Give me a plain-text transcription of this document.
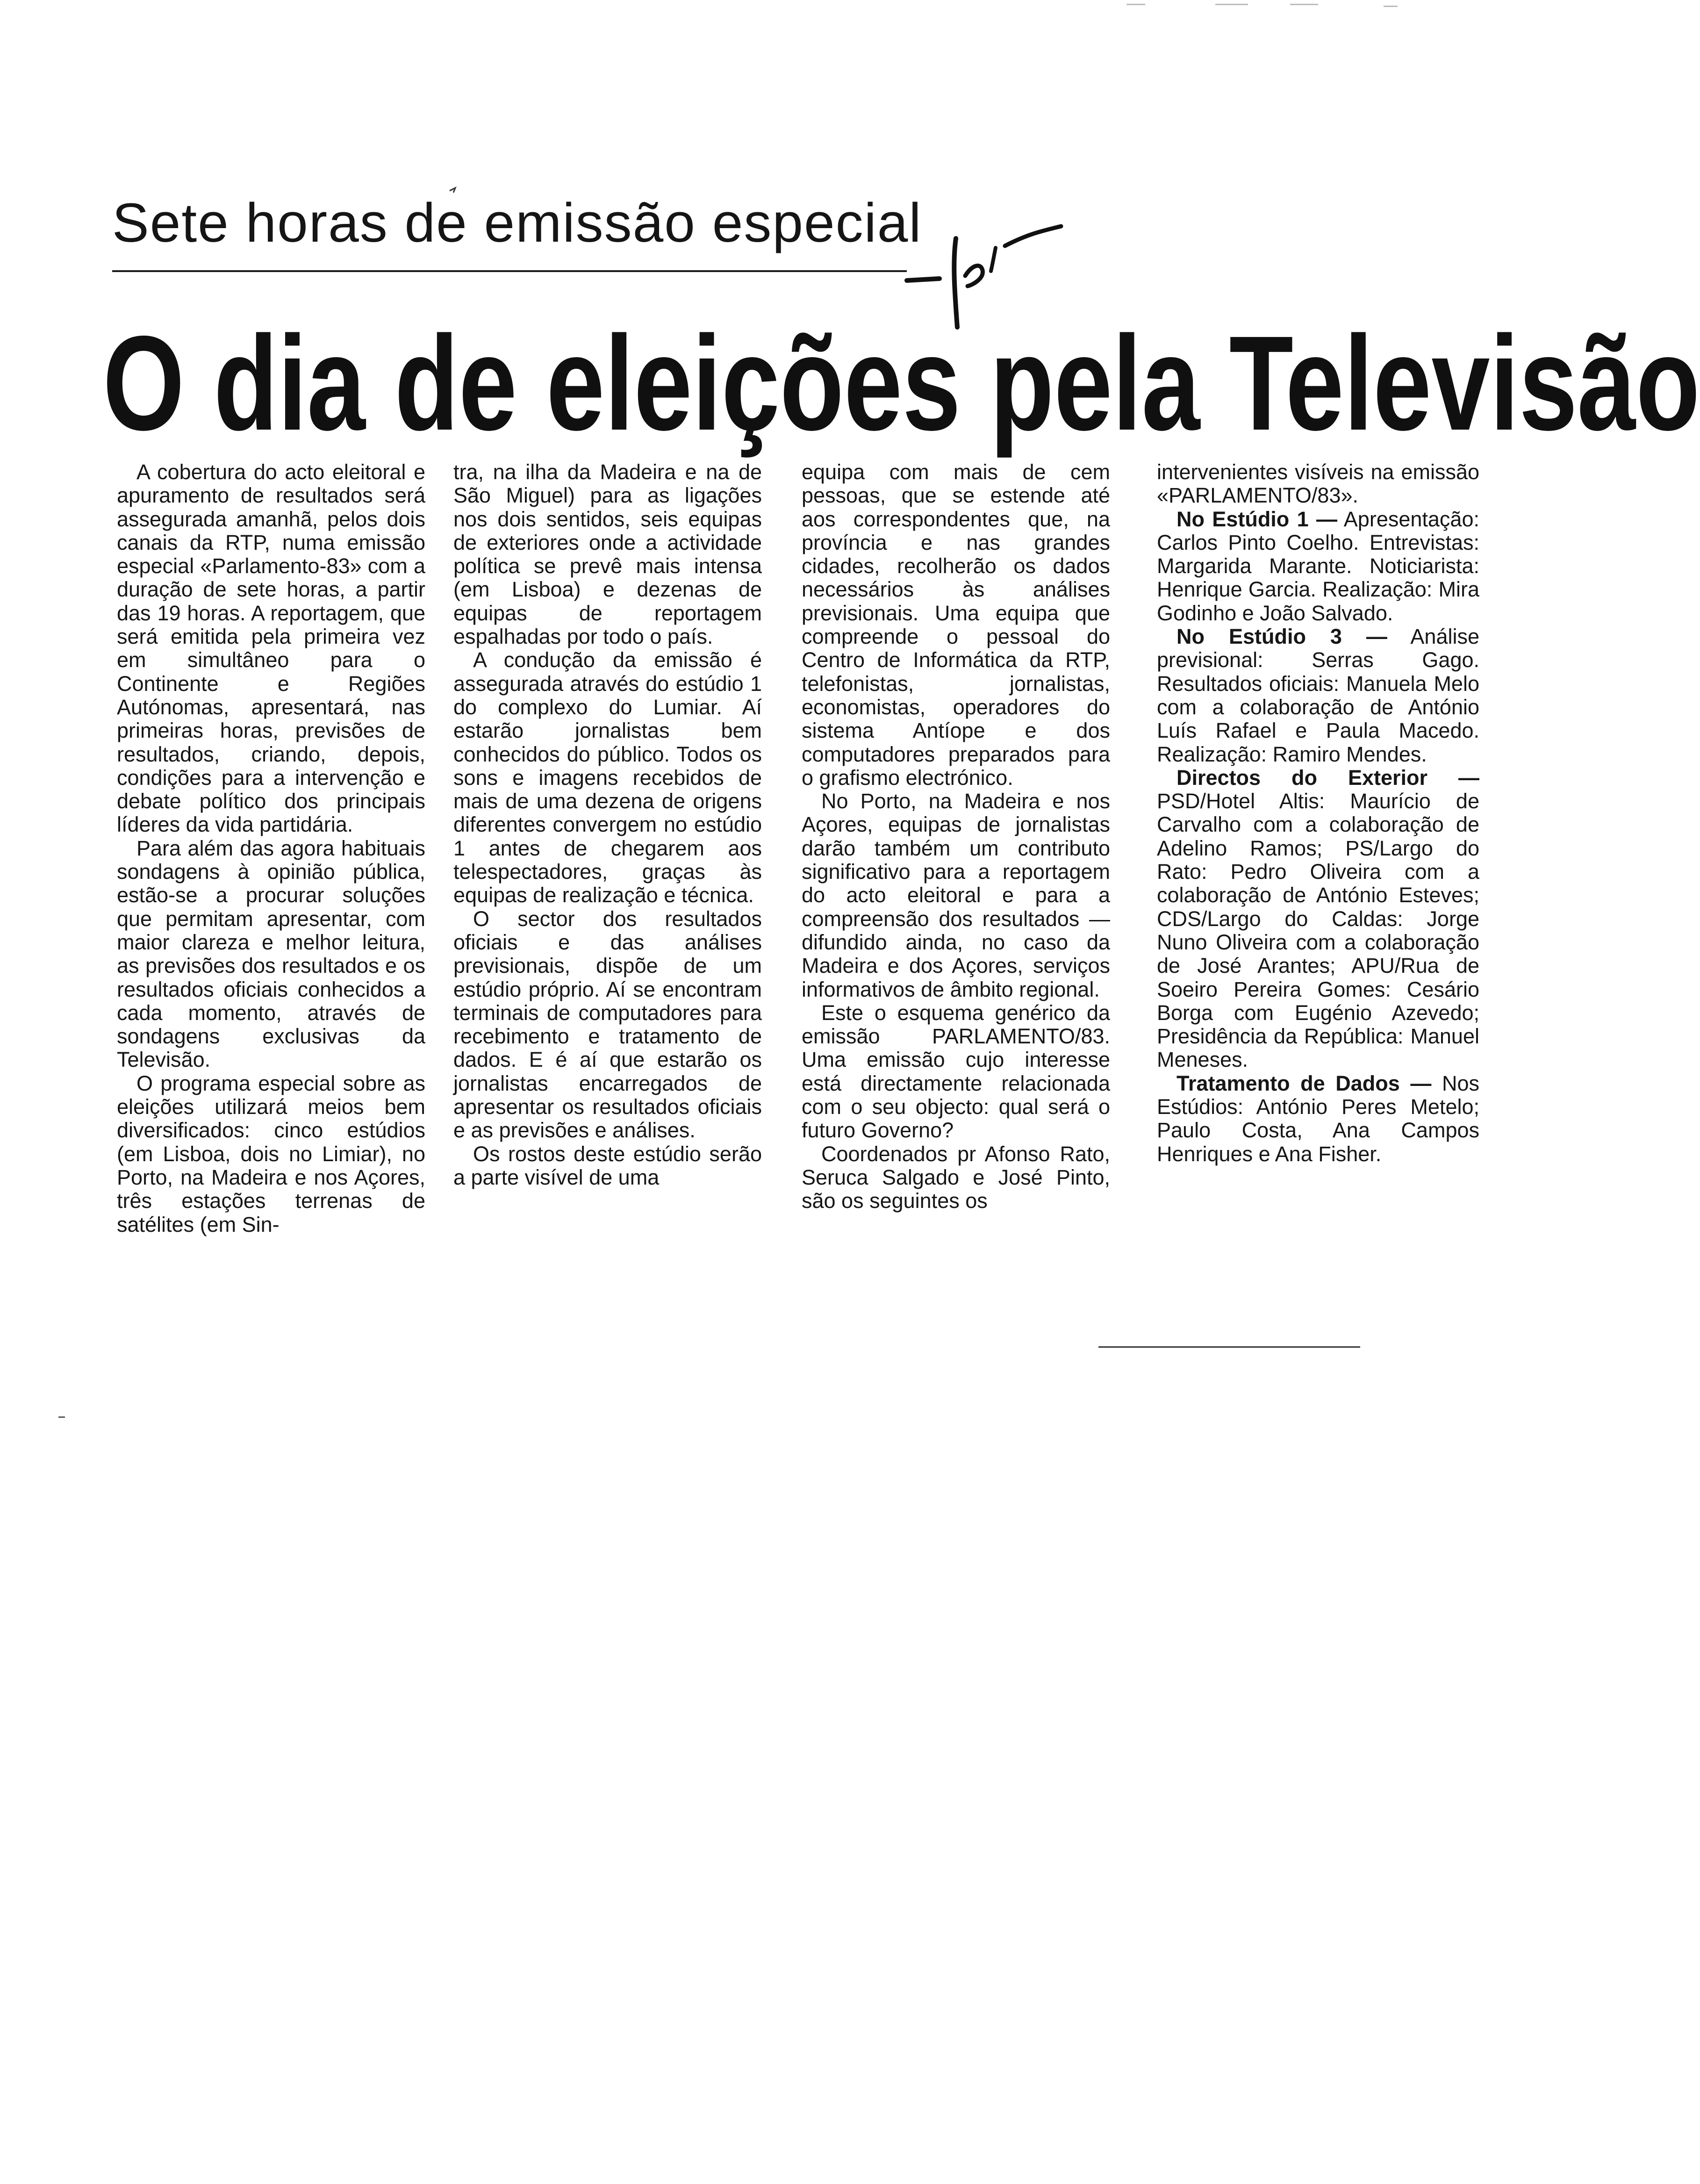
Sete horas de emissão especial
O dia de eleições pela Televisão

A cobertura do acto eleitoral e apuramento de resultados será assegurada amanhã, pelos dois canais da RTP, numa emissão especial «Parlamento-83» com a duração de sete horas, a partir das 19 horas. A reportagem, que será emitida pela primeira vez em simultâneo para o Continente e Regiões Autónomas, apresentará, nas primeiras horas, previsões de resultados, criando, depois, condições para a intervenção e debate político dos principais líderes da vida partidária.

Para além das agora habituais sondagens à opinião pública, estão-se a procurar soluções que permitam apresentar, com maior clareza e melhor leitura, as previsões dos resultados e os resultados oficiais conhecidos a cada momento, através de sondagens exclusivas da Televisão.

O programa especial sobre as eleições utilizará meios bem diversificados: cinco estúdios (em Lisboa, dois no Limiar), no Porto, na Madeira e nos Açores, três estações terrenas de satélites (em Sin-

tra, na ilha da Madeira e na de São Miguel) para as ligações nos dois sentidos, seis equipas de exteriores onde a actividade política se prevê mais intensa (em Lisboa) e dezenas de equipas de reportagem espalhadas por todo o país.

A condução da emissão é assegurada através do estúdio 1 do complexo do Lumiar. Aí estarão jornalistas bem conhecidos do público. Todos os sons e imagens recebidos de mais de uma dezena de origens diferentes convergem no estúdio 1 antes de chegarem aos telespectadores, graças às equipas de realização e técnica.

O sector dos resultados oficiais e das análises previsionais, dispõe de um estúdio próprio. Aí se encontram terminais de computadores para recebimento e tratamento de dados. E é aí que estarão os jornalistas encarregados de apresentar os resultados oficiais e as previsões e análises.

Os rostos deste estúdio serão a parte visível de uma

equipa com mais de cem pessoas, que se estende até aos correspondentes que, na província e nas grandes cidades, recolherão os dados necessários às análises previsionais. Uma equipa que compreende o pessoal do Centro de Informática da RTP, telefonistas, jornalistas, economistas, operadores do sistema Antíope e dos computadores preparados para o grafismo electrónico.

No Porto, na Madeira e nos Açores, equipas de jornalistas darão também um contributo significativo para a reportagem do acto eleitoral e para a compreensão dos resultados — difundido ainda, no caso da Madeira e dos Açores, serviços informativos de âmbito regional.

Este o esquema genérico da emissão PARLAMENTO/83. Uma emissão cujo interesse está directamente relacionada com o seu objecto: qual será o futuro Governo?

Coordenados pr Afonso Rato, Seruca Salgado e José Pinto, são os seguintes os

intervenientes visíveis na emissão «PARLAMENTO/83».

No Estúdio 1 — Apresentação: Carlos Pinto Coelho. Entrevistas: Margarida Marante. Noticiarista: Henrique Garcia. Realização: Mira Godinho e João Salvado.

No Estúdio 3 — Análise previsional: Serras Gago. Resultados oficiais: Manuela Melo com a colaboração de António Luís Rafael e Paula Macedo. Realização: Ramiro Mendes.

Directos do Exterior — PSD/Hotel Altis: Maurício de Carvalho com a colaboração de Adelino Ramos; PS/Largo do Rato: Pedro Oliveira com a colaboração de António Esteves; CDS/Largo do Caldas: Jorge Nuno Oliveira com a colaboração de José Arantes; APU/Rua de Soeiro Pereira Gomes: Cesário Borga com Eugénio Azevedo; Presidência da República: Manuel Meneses.

Tratamento de Dados — Nos Estúdios: António Peres Metelo; Paulo Costa, Ana Campos Henriques e Ana Fisher.
